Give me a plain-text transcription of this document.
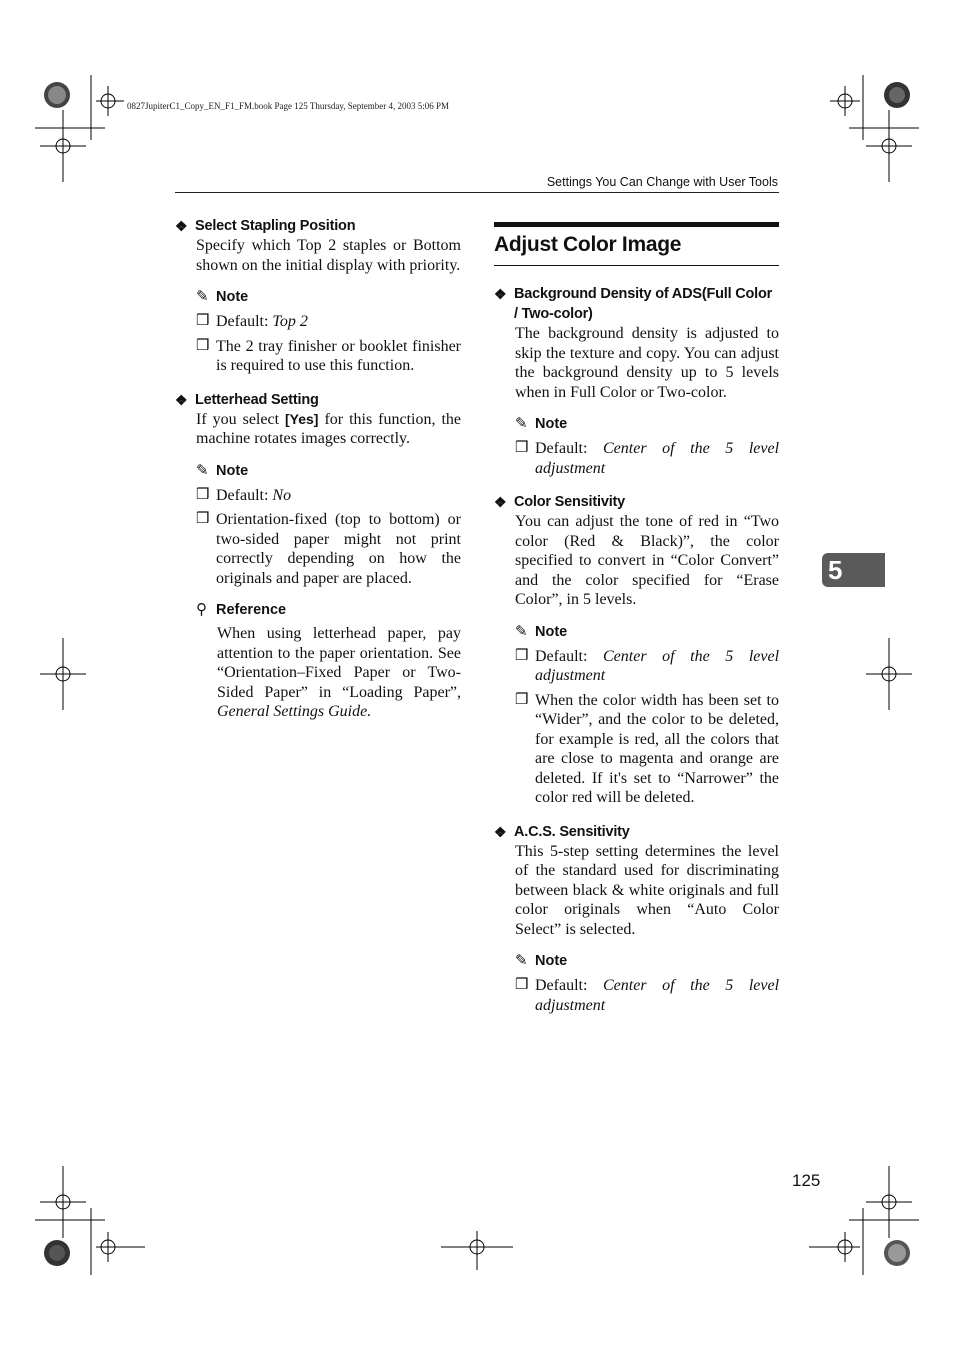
0827JupiterC1_Copy_EN_F1_FM.book Page 125 Thursday, September 4, 2003 5:06 PM
Settings You Can Change with User Tools
❖ Select Stapling Position
Specify which Top 2 staples or Bottom shown on the initial display with priority.
✎ Note
❒ Default: Top 2
❒ The 2 tray finisher or booklet finisher is required to use this function.
❖ Letterhead Setting
If you select [Yes] for this function, the machine rotates images correctly.
✎ Note
❒ Default: No
❒ Orientation-fixed (top to bottom) or two-sided paper might not print correctly depending on how the originals and paper are placed.
⚲ Reference
When using letterhead paper, pay attention to the paper orientation. See “Orientation–Fixed Paper or Two-Sided Paper” in “Loading Paper”, General Settings Guide.
Adjust Color Image
❖ Background Density of ADS(Full Color / Two-color)
The background density is adjusted to skip the texture and copy. You can adjust the background density up to 5 levels when in Full Color or Two-color.
✎ Note
❒ Default: Center of the 5 level adjustment
❖ Color Sensitivity
You can adjust the tone of red in “Two color (Red & Black)”, the color specified to convert in “Color Convert” and the color specified for “Erase Color”, in 5 levels.
✎ Note
❒ Default: Center of the 5 level adjustment
❒ When the color width has been set to “Wider”, and the color to be deleted, for example is red, all the colors that are close to magenta and orange are deleted. If it's set to “Narrower” the color red will be deleted.
❖ A.C.S. Sensitivity
This 5-step setting determines the level of the standard used for discriminating between black & white originals and full color originals when “Auto Color Select” is selected.
✎ Note
❒ Default: Center of the 5 level adjustment
5
125
